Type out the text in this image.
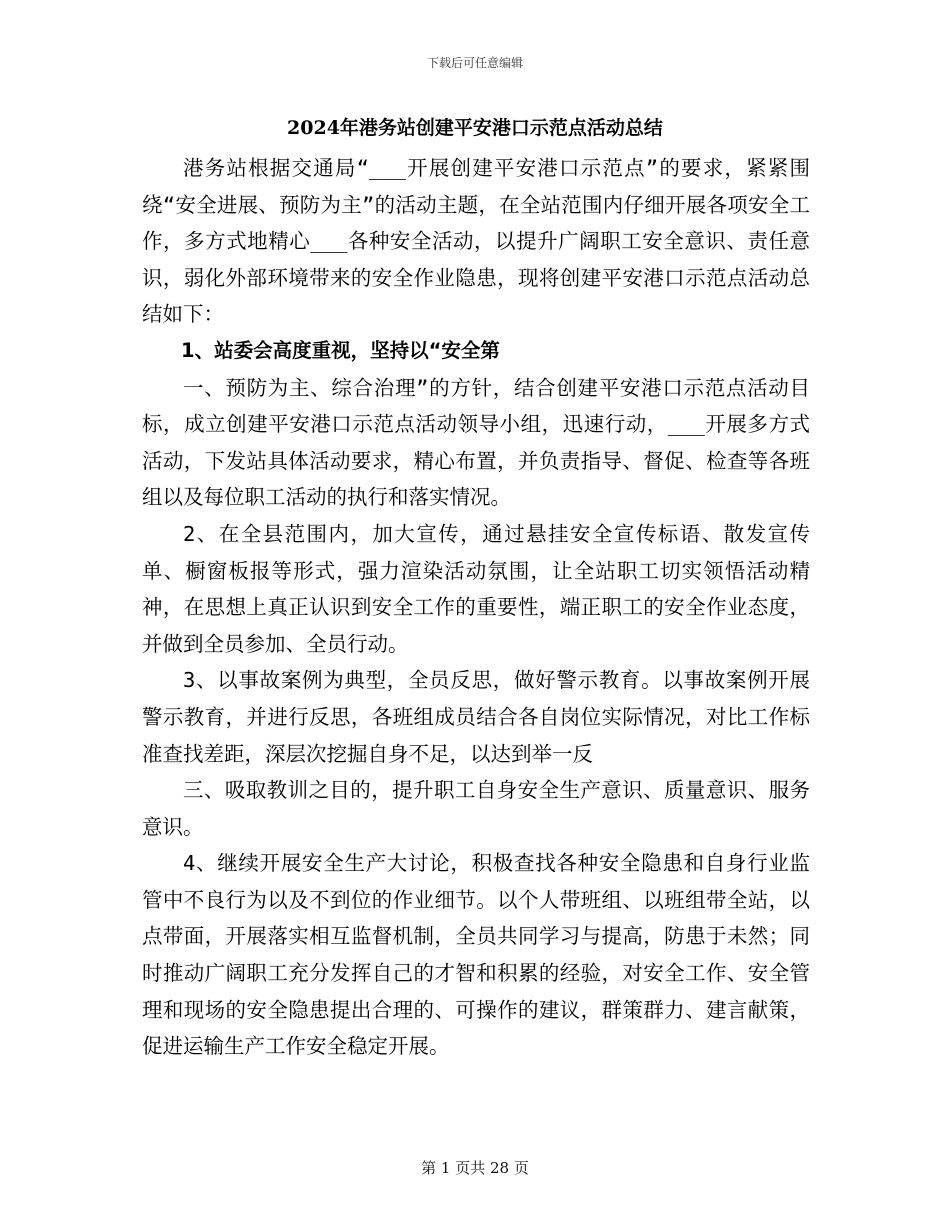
下载后可任意编辑
2024年港务站创建平安港口示范点活动总结

港务站根据交通局“___开展创建平安港口示范点”的要求，紧紧围绕“安全进展、预防为主”的活动主题，在全站范围内仔细开展各项安全工作，多方式地精心___各种安全活动，以提升广阔职工安全意识、责任意识，弱化外部环境带来的安全作业隐患，现将创建平安港口示范点活动总结如下：

1、站委会高度重视，坚持以“安全第

一、预防为主、综合治理”的方针，结合创建平安港口示范点活动目标，成立创建平安港口示范点活动领导小组，迅速行动，___开展多方式活动，下发站具体活动要求，精心布置，并负责指导、督促、检查等各班组以及每位职工活动的执行和落实情况。

2、在全县范围内，加大宣传，通过悬挂安全宣传标语、散发宣传单、橱窗板报等形式，强力渲染活动氛围，让全站职工切实领悟活动精神，在思想上真正认识到安全工作的重要性，端正职工的安全作业态度，并做到全员参加、全员行动。

3、以事故案例为典型，全员反思，做好警示教育。以事故案例开展警示教育，并进行反思，各班组成员结合各自岗位实际情况，对比工作标准查找差距，深层次挖掘自身不足，以达到举一反

三、吸取教训之目的，提升职工自身安全生产意识、质量意识、服务意识。

4、继续开展安全生产大讨论，积极查找各种安全隐患和自身行业监管中不良行为以及不到位的作业细节。以个人带班组、以班组带全站，以点带面，开展落实相互监督机制，全员共同学习与提高，防患于未然；同时推动广阔职工充分发挥自己的才智和积累的经验，对安全工作、安全管理和现场的安全隐患提出合理的、可操作的建议，群策群力、建言献策，促进运输生产工作安全稳定开展。

第 1 页共 28 页
